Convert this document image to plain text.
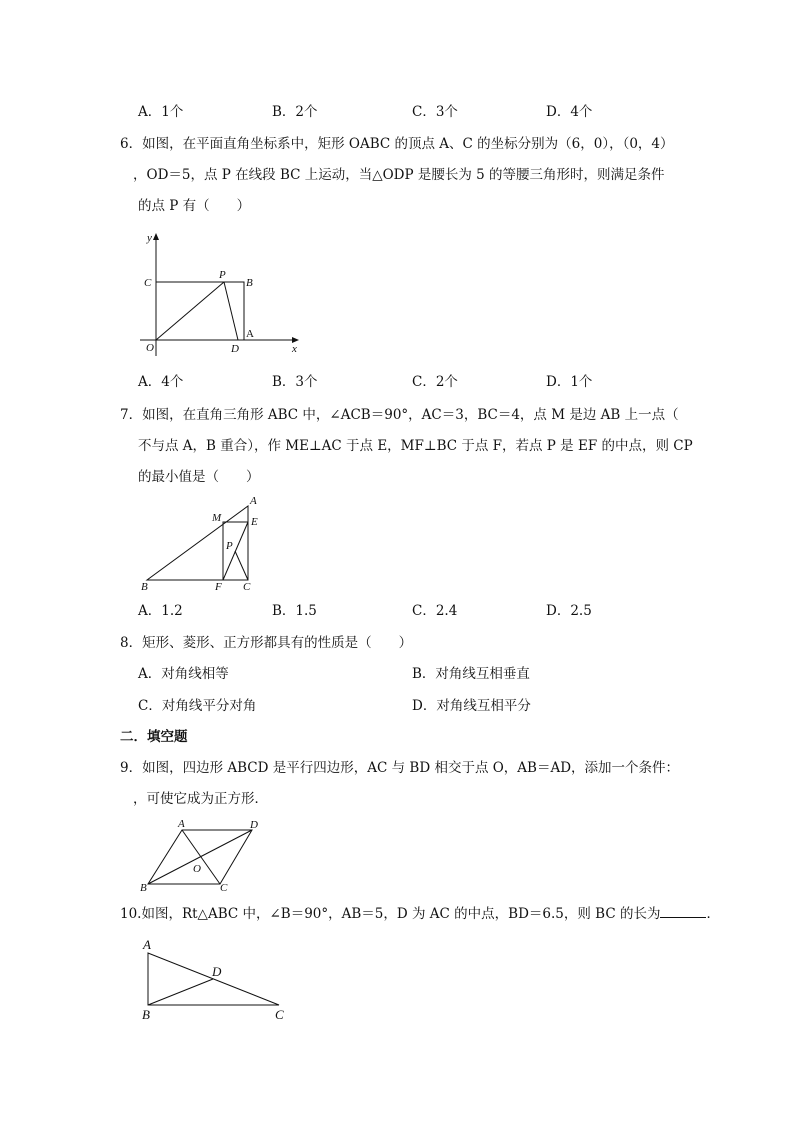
A．1个	B．2个	C．3个	D．4个
6．如图，在平面直角坐标系中，矩形 OABC 的顶点 A、C 的坐标分别为（6，0），（0，4）
，OD＝5，点 P 在线段 BC 上运动，当△ODP 是腰长为 5 的等腰三角形时，则满足条件
的点 P 有（　　）
y
x
C
P
B
A
O	D
A．4个	B．3个	C．2个	D．1个
7．如图，在直角三角形 ABC 中，∠ACB＝90°，AC＝3，BC＝4，点 M 是边 AB 上一点（
不与点 A，B 重合），作 ME⊥AC 于点 E，MF⊥BC 于点 F，若点 P 是 EF 的中点，则 CP
的最小值是（　　）
A
M	E
P
B	F C
A．1.2	B．1.5	C．2.4	D．2.5
8．矩形、菱形、正方形都具有的性质是（　　）
A．对角线相等	B．对角线互相垂直
C．对角线平分对角	D．对角线互相平分
二．填空题
9．如图，四边形 ABCD 是平行四边形，AC 与 BD 相交于点 O，AB＝AD，添加一个条件：
，可使它成为正方形．
A	D
O
B	C
10.如图，Rt△ABC 中，∠B＝90°，AB＝5，D 为 AC 的中点，BD＝6.5，则 BC 的长为	．
A
D
B	C
